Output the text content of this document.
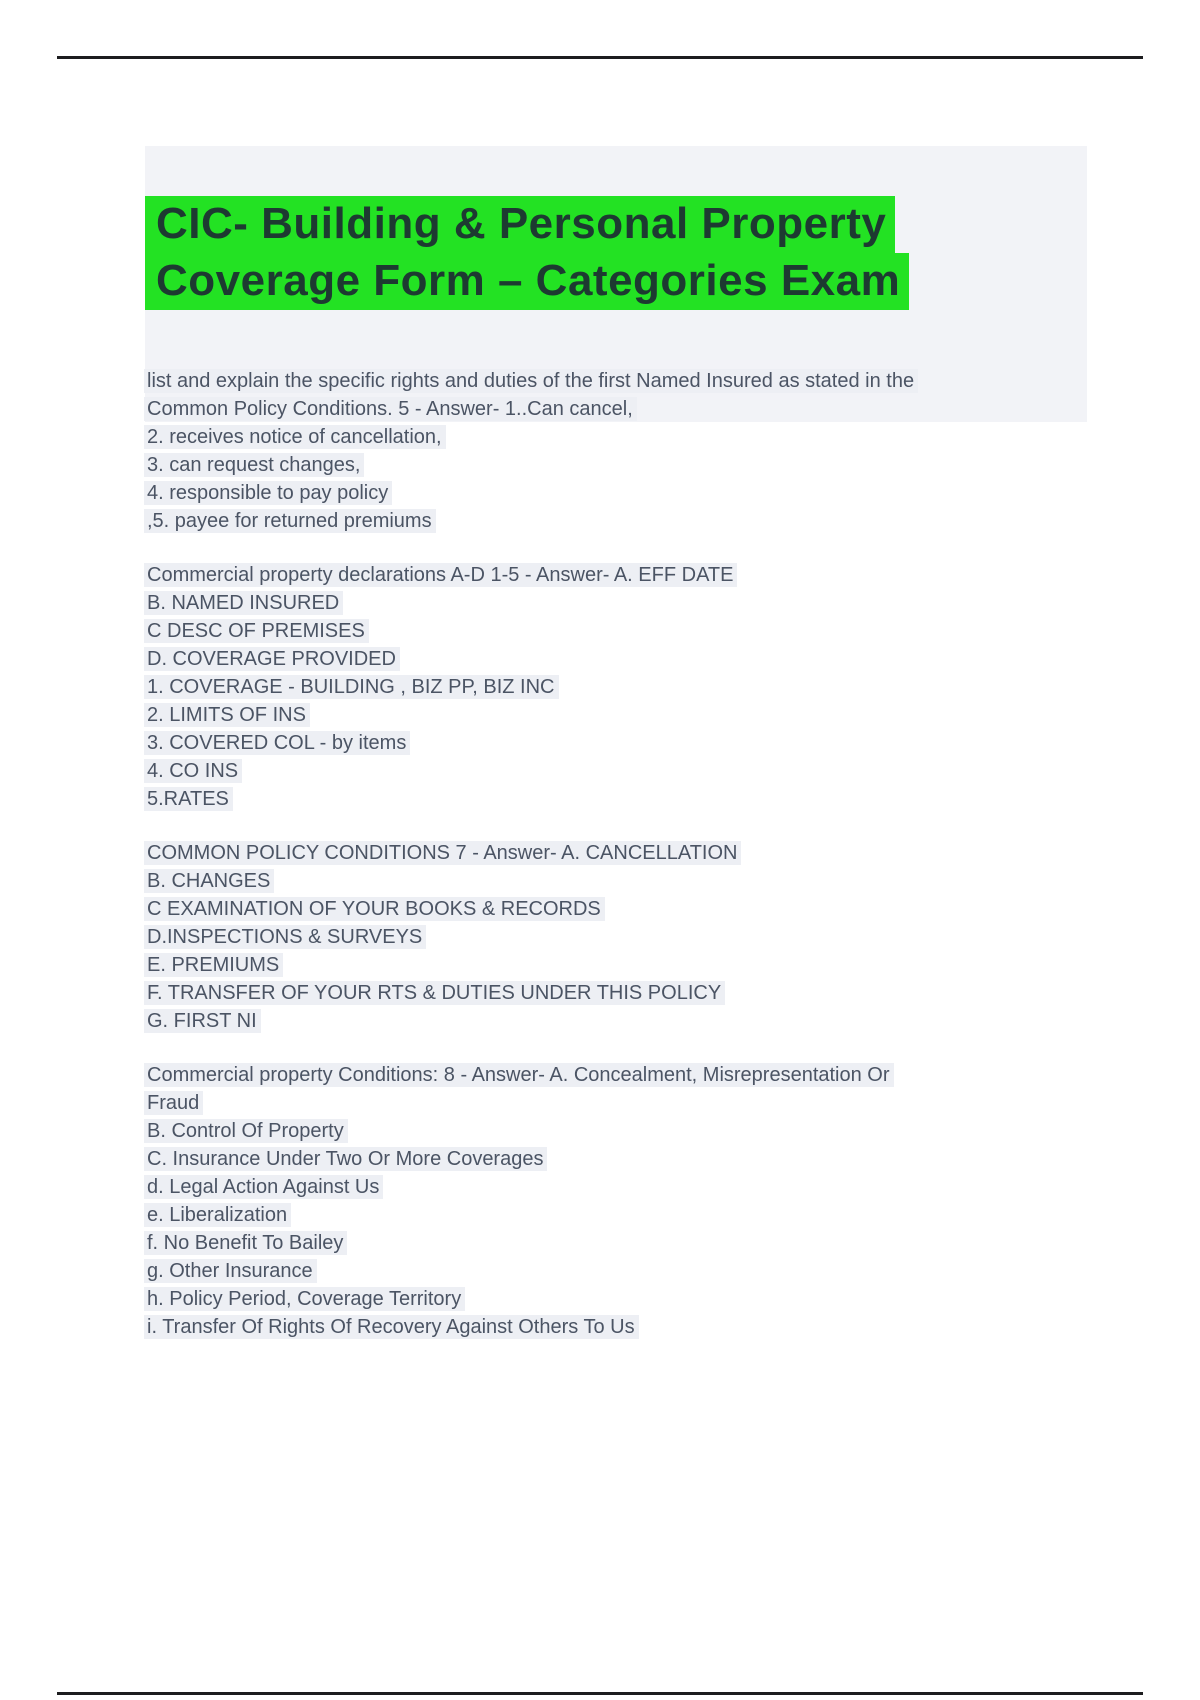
CIC- Building & Personal Property
Coverage Form – Categories Exam
list and explain the specific rights and duties of the first Named Insured as stated in the
Common Policy Conditions. 5 - Answer- 1..Can cancel,
2. receives notice of cancellation,
3. can request changes,
4. responsible to pay policy
,5. payee for returned premiums
Commercial property declarations A-D 1-5 - Answer- A. EFF DATE
B. NAMED INSURED
C DESC OF PREMISES
D. COVERAGE PROVIDED
1. COVERAGE - BUILDING , BIZ PP, BIZ INC
2. LIMITS OF INS
3. COVERED COL - by items
4. CO INS
5.RATES
COMMON POLICY CONDITIONS 7 - Answer- A. CANCELLATION
B. CHANGES
C EXAMINATION OF YOUR BOOKS & RECORDS
D.INSPECTIONS & SURVEYS
E. PREMIUMS
F. TRANSFER OF YOUR RTS & DUTIES UNDER THIS POLICY
G. FIRST NI
Commercial property Conditions: 8 - Answer- A. Concealment, Misrepresentation Or
Fraud
B. Control Of Property
C. Insurance Under Two Or More Coverages
d. Legal Action Against Us
e. Liberalization
f. No Benefit To Bailey
g. Other Insurance
h. Policy Period, Coverage Territory
i. Transfer Of Rights Of Recovery Against Others To Us
